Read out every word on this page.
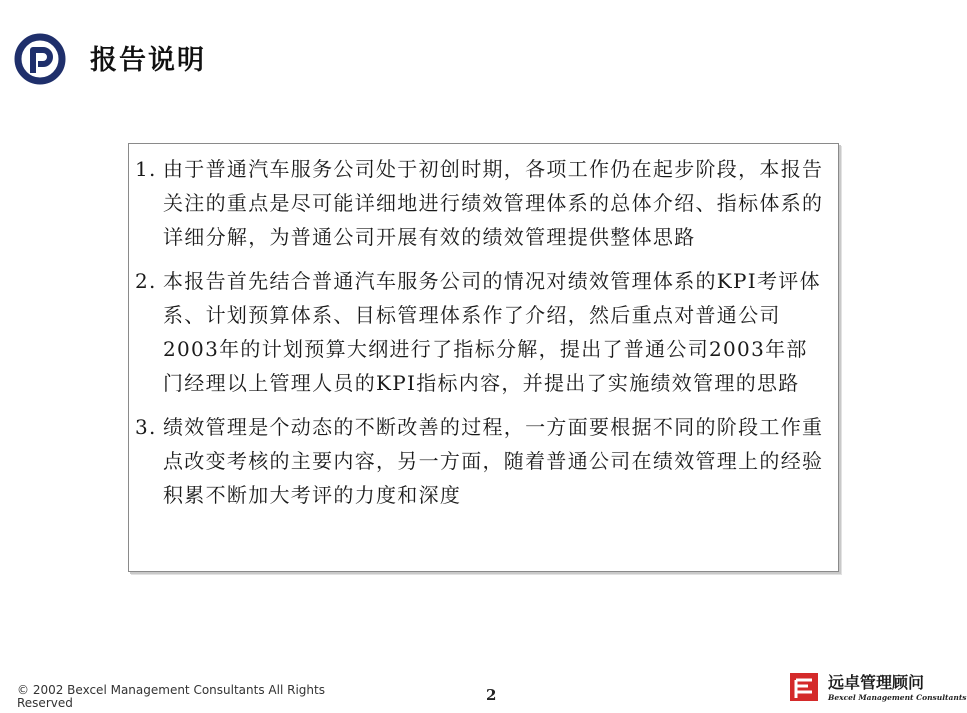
报告说明
1. 由于普通汽车服务公司处于初创时期，各项工作仍在起步阶段，本报告关注的重点是尽可能详细地进行绩效管理体系的总体介绍、指标体系的详细分解，为普通公司开展有效的绩效管理提供整体思路
2. 本报告首先结合普通汽车服务公司的情况对绩效管理体系的KPI考评体系、计划预算体系、目标管理体系作了介绍，然后重点对普通公司2003年的计划预算大纲进行了指标分解，提出了普通公司2003年部门经理以上管理人员的KPI指标内容，并提出了实施绩效管理的思路
3. 绩效管理是个动态的不断改善的过程，一方面要根据不同的阶段工作重点改变考核的主要内容，另一方面，随着普通公司在绩效管理上的经验积累不断加大考评的力度和深度
© 2002 Bexcel Management Consultants All Rights Reserved	2
远卓管理顾问
Bexcel Management Consultants
